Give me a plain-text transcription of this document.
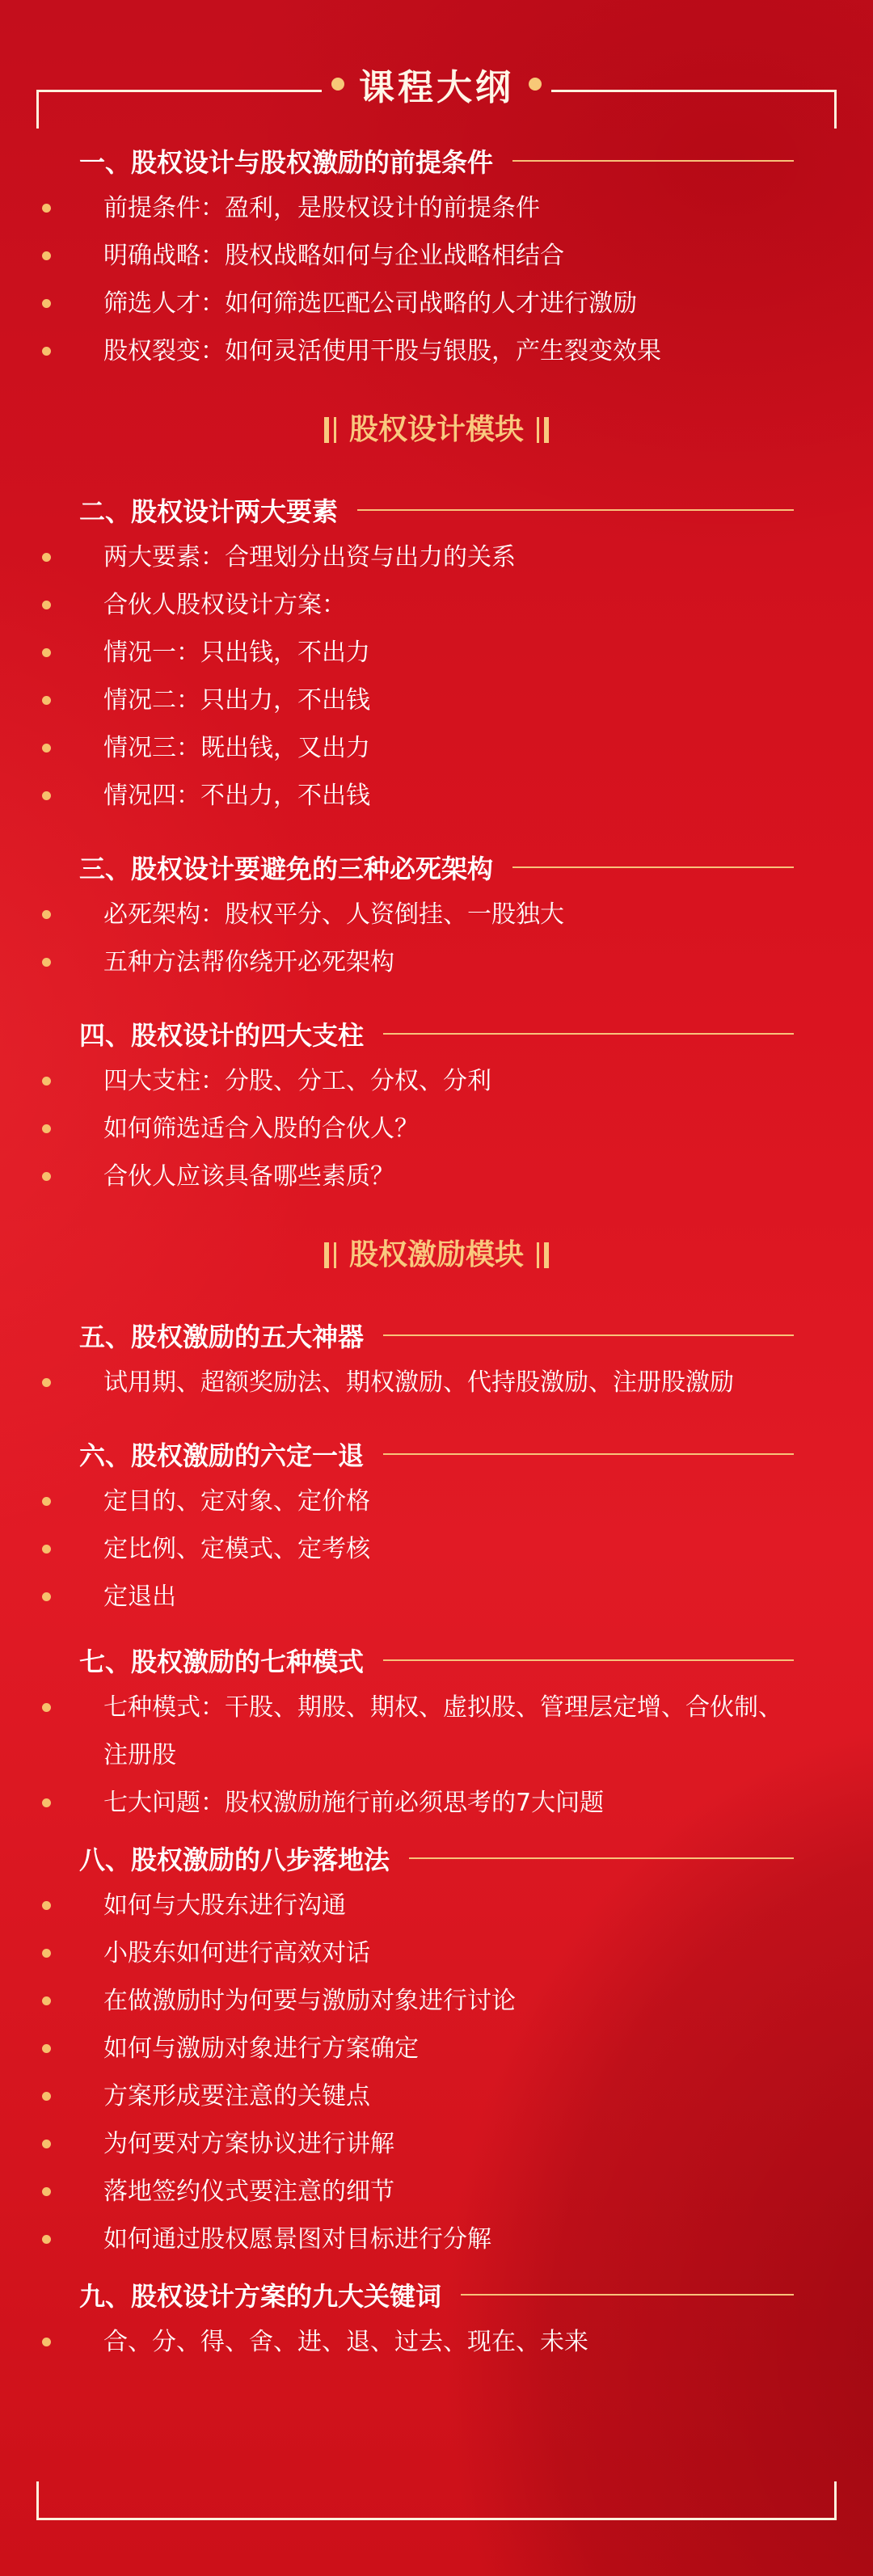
课程大纲
一、股权设计与股权激励的前提条件
前提条件：盈利，是股权设计的前提条件
明确战略：股权战略如何与企业战略相结合
筛选人才：如何筛选匹配公司战略的人才进行激励
股权裂变：如何灵活使用干股与银股，产生裂变效果
股权设计模块
二、股权设计两大要素
两大要素：合理划分出资与出力的关系
合伙人股权设计方案：
情况一：只出钱，不出力
情况二：只出力，不出钱
情况三：既出钱，又出力
情况四：不出力，不出钱
三、股权设计要避免的三种必死架构
必死架构：股权平分、人资倒挂、一股独大
五种方法帮你绕开必死架构
四、股权设计的四大支柱
四大支柱：分股、分工、分权、分利
如何筛选适合入股的合伙人？
合伙人应该具备哪些素质？
股权激励模块
五、股权激励的五大神器
试用期、超额奖励法、期权激励、代持股激励、注册股激励
六、股权激励的六定一退
定目的、定对象、定价格
定比例、定模式、定考核
定退出
七、股权激励的七种模式
七种模式：干股、期股、期权、虚拟股、管理层定增、合伙制、注册股
七大问题：股权激励施行前必须思考的7大问题
八、股权激励的八步落地法
如何与大股东进行沟通
小股东如何进行高效对话
在做激励时为何要与激励对象进行讨论
如何与激励对象进行方案确定
方案形成要注意的关键点
为何要对方案协议进行讲解
落地签约仪式要注意的细节
如何通过股权愿景图对目标进行分解
九、股权设计方案的九大关键词
合、分、得、舍、进、退、过去、现在、未来
